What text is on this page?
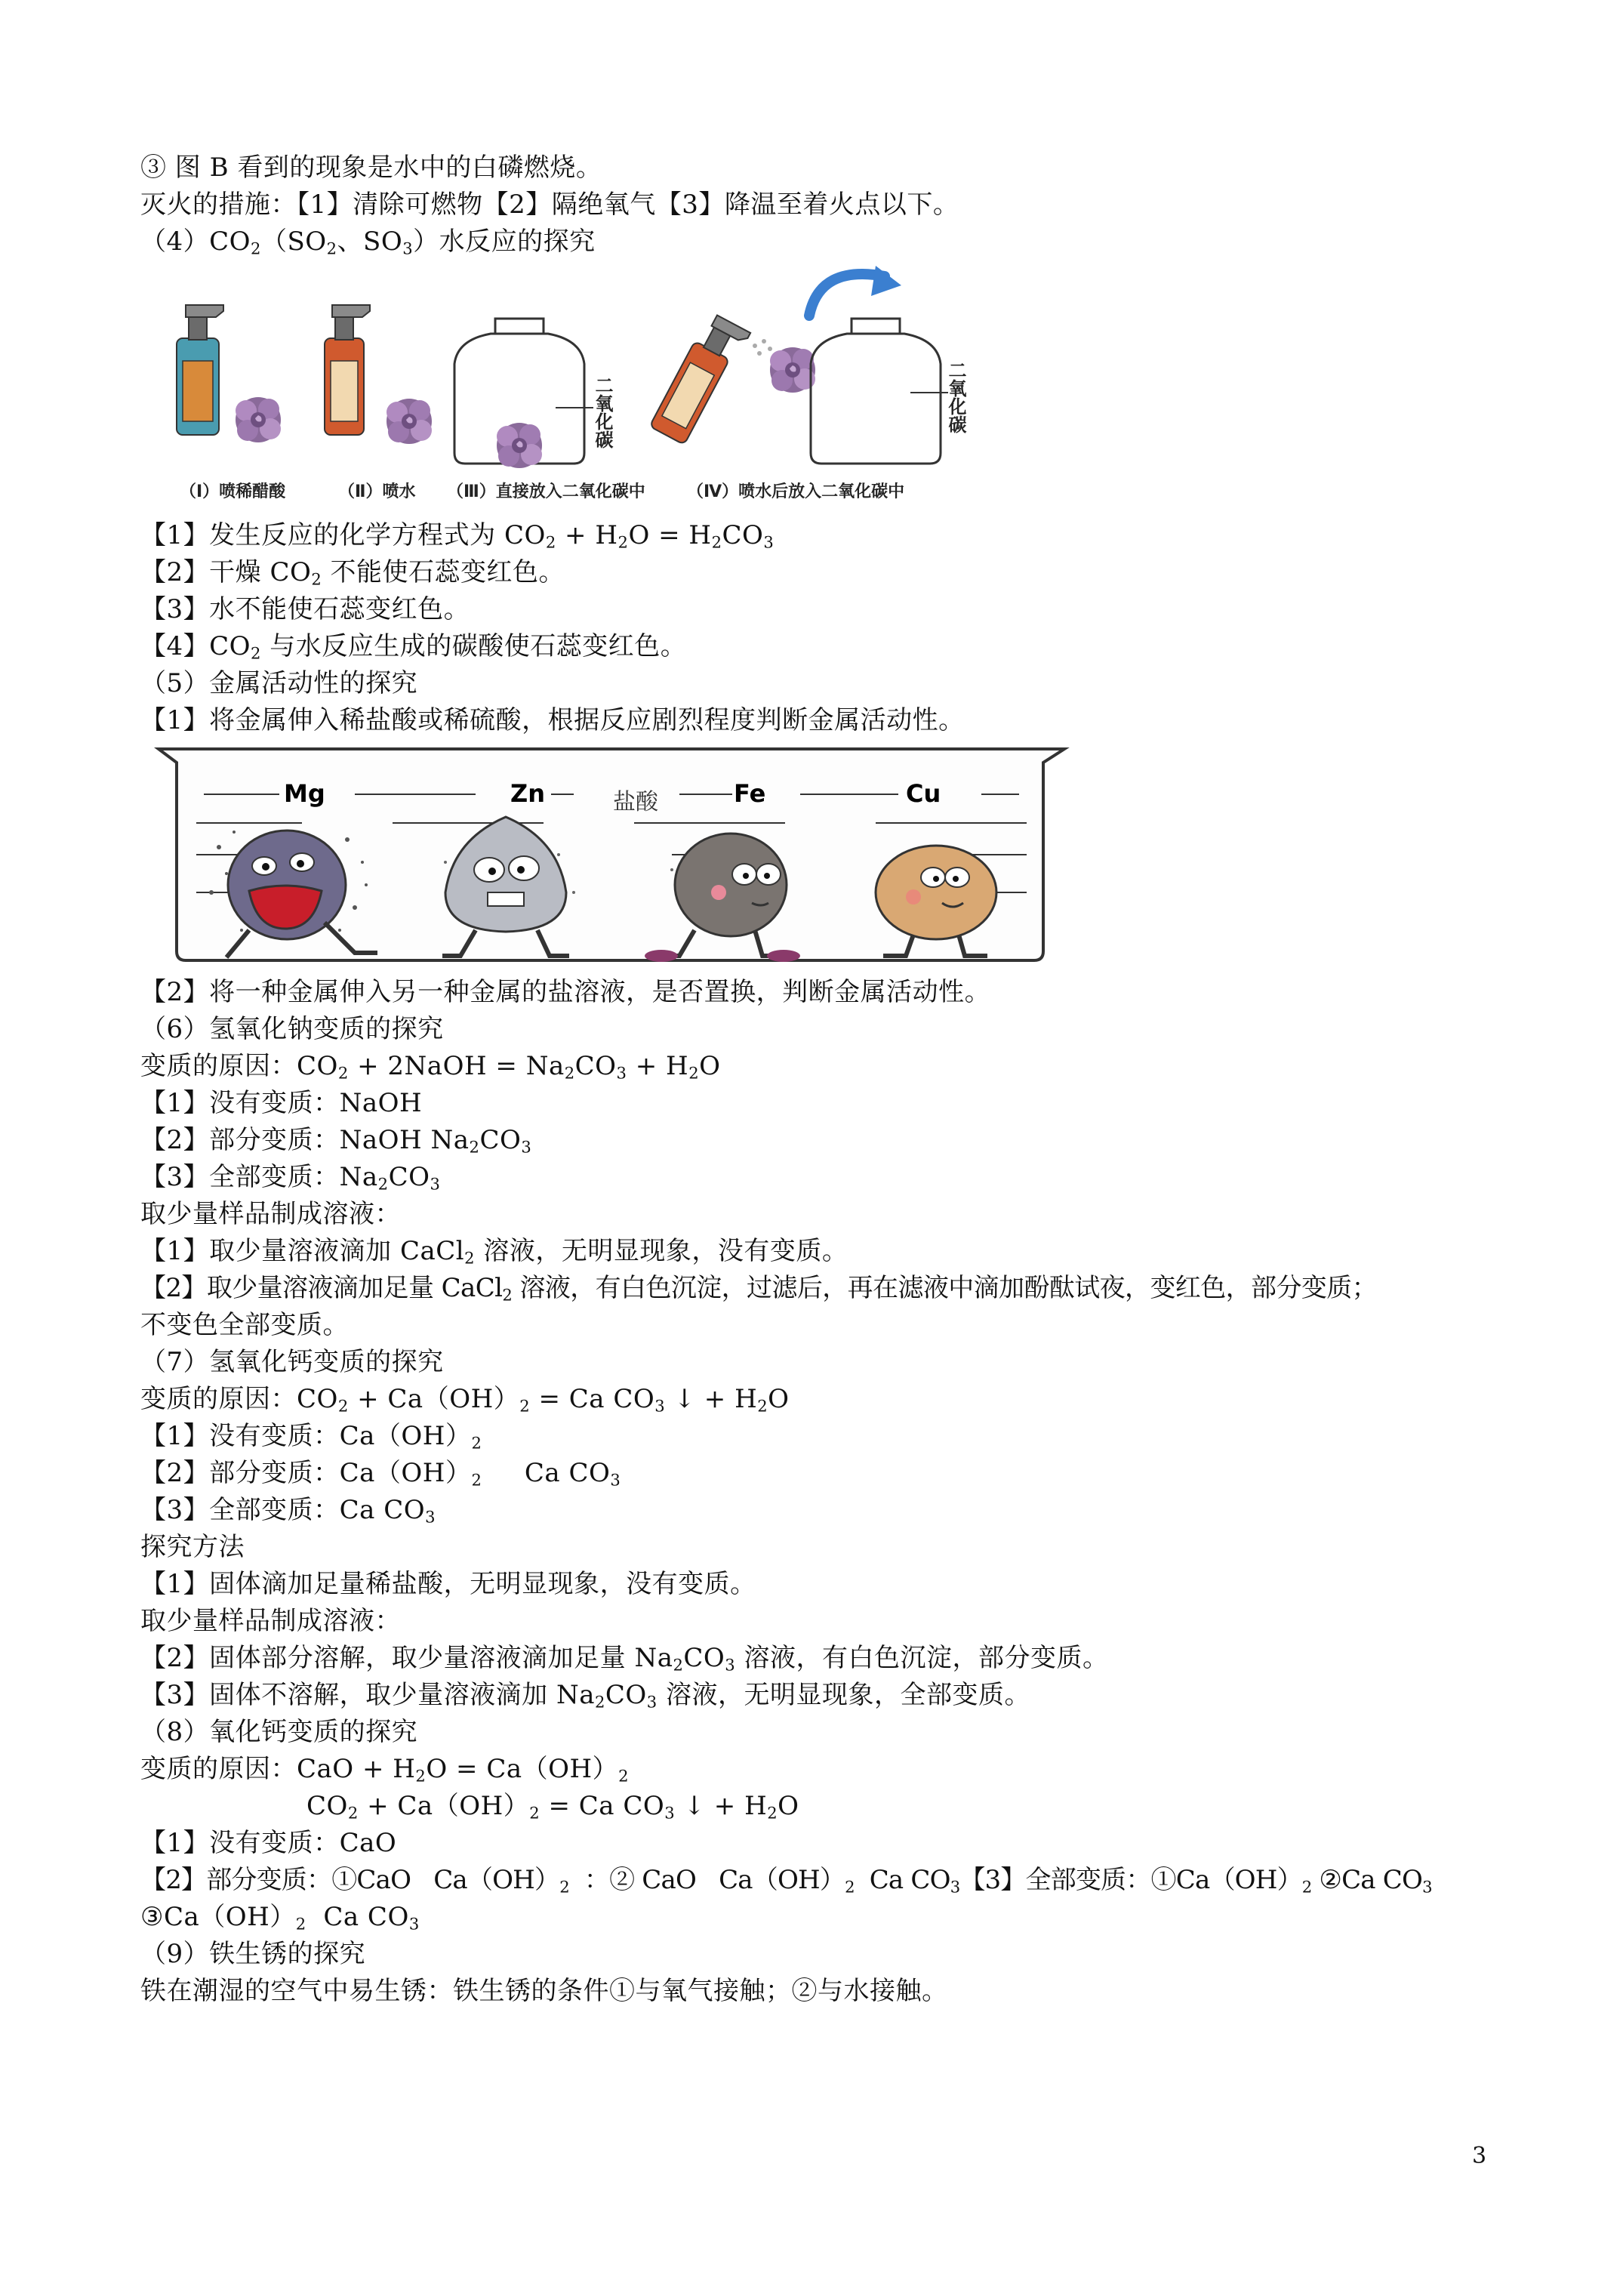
③ 图 B 看到的现象是水中的白磷燃烧。
灭火的措施：【1】清除可燃物【2】隔绝氧气【3】降温至着火点以下。
$(4)CO_2(SO_2$、$SO_3$）水反应的探究
二氧化碳	二氧化碳
（Ⅰ）喷稀醋酸	（Ⅱ）喷水 （Ⅲ）直接放入二氧化碳中	（Ⅳ）喷水后放入二氧化碳中
【1】发生反应的化学方程式为 $CO_2 + H_2O = H_2CO_3$
【2】干燥 $CO_2$ 不能使石蕊变红色。
【3】水不能使石蕊变红色。
【4】$CO_2$ 与水反应生成的碳酸使石蕊变红色。
（5）金属活动性的探究
【1】将金属伸入稀盐酸或稀硫酸，根据反应剧烈程度判断金属活动性。
Mg	Zn	Fe	Cu
盐酸
【2】将一种金属伸入另一种金属的盐溶液，是否置换，判断金属活动性。
（6）氢氧化钠变质的探究
变质的原因：$CO_2$ + 2NaOH = $Na_2CO_3 + H_2O$
【1】没有变质：NaOH
【2】部分变质：NaOH $Na_2CO_3$
【3】全部变质：$Na_2CO_3$
取少量样品制成溶液：
【1】取少量溶液滴加 CaCl$_2$ 溶液，无明显现象，没有变质。
【2】取少量溶液滴加足量 CaCl$_2$ 溶液，有白色沉淀，过滤后，再在滤液中滴加酚酞试夜，变红色，部分变质；
不变色全部变质。
（7）氢氧化钙变质的探究
变质的原因：$CO_2 + Ca(OH)_2 = Ca$ $CO_3$ ↓ + $H_2O$
【1】没有变质：$Ca(OH)_2$
【2】部分变质：$Ca(OH)_2$     Ca $CO_3$
【3】全部变质：Ca $CO_3$
探究方法
【1】固体滴加足量稀盐酸，无明显现象，没有变质。
取少量样品制成溶液：
【2】固体部分溶解，取少量溶液滴加足量 $Na_2CO_3$ 溶液，有白色沉淀，部分变质。
【3】固体不溶解，取少量溶液滴加 $Na_2CO_3$ 溶液，无明显现象，全部变质。
（8）氧化钙变质的探究
变质的原因：CaO + $H_2O = Ca(OH)_2$
$CO_2 + Ca(OH)_2 = Ca$ $CO_3$ ↓ + $H_2O$
【1】没有变质：CaO
【2】部分变质：①CaO   $Ca(OH)_2$  ：② CaO   $Ca(OH)_2$  Ca $CO_3$【3】全部变质：$①Ca(OH)_2$ ②Ca $CO_3$
$③Ca(OH)_2$  Ca $CO_3$
（9）铁生锈的探究
铁在潮湿的空气中易生锈：铁生锈的条件①与氧气接触；②与水接触。
3
